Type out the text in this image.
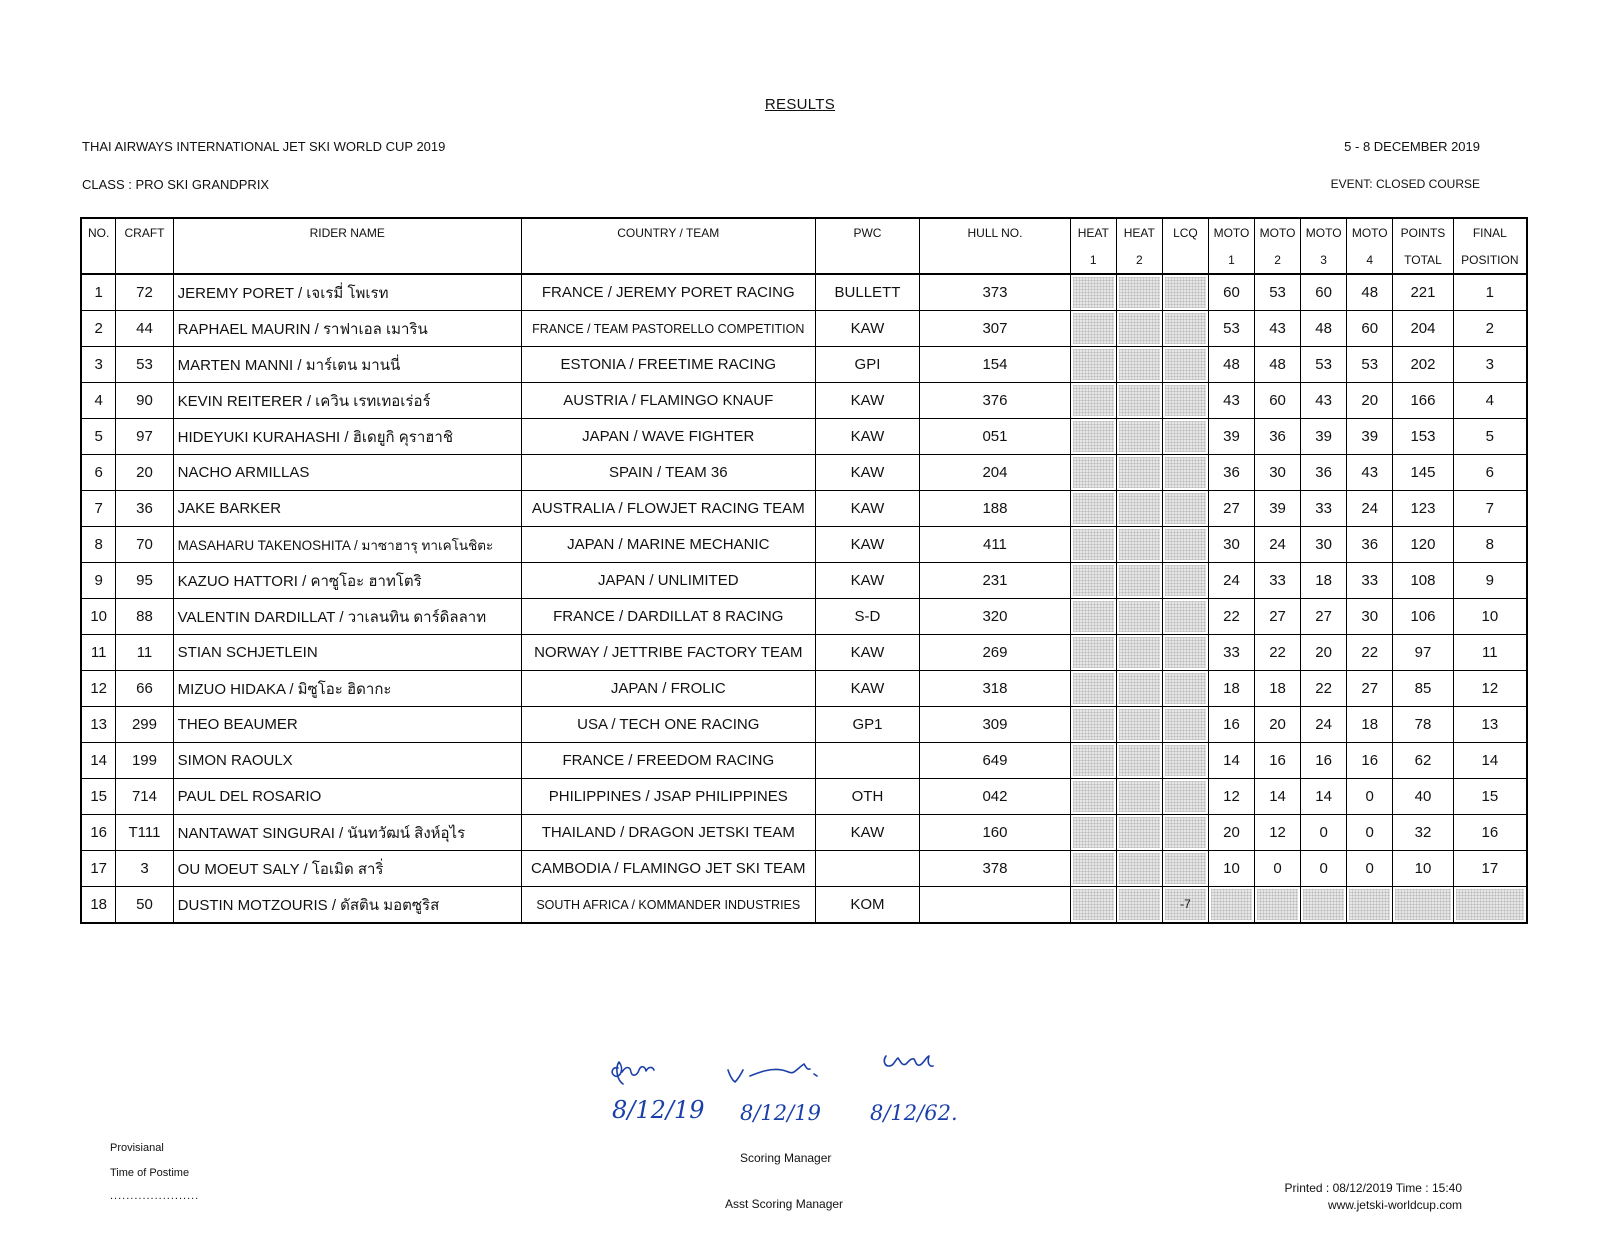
RESULTS
THAI AIRWAYS INTERNATIONAL JET SKI WORLD CUP 2019	5 - 8 DECEMBER 2019
CLASS : PRO SKI GRANDPRIX	EVENT: CLOSED COURSE
NO.	CRAFT	RIDER NAME	COUNTRY / TEAM	PWC	HULL NO.	HEAT	HEAT	LCQ	MOTO	MOTO	MOTO	MOTO	POINTS	FINAL
						1	2		1	2	3	4	TOTAL	POSITION
1	72	JEREMY PORET / เจเรมี่ โพเรท	FRANCE / JEREMY PORET RACING	BULLETT	373				60	53	60	48	221	1
2	44	RAPHAEL MAURIN / ราฟาเอล เมาริน	FRANCE / TEAM PASTORELLO COMPETITION	KAW	307				53	43	48	60	204	2
3	53	MARTEN MANNI / มาร์เตน มานนี่	ESTONIA / FREETIME RACING	GPI	154				48	48	53	53	202	3
4	90	KEVIN REITERER / เควิน เรทเทอเร่อร์	AUSTRIA / FLAMINGO KNAUF	KAW	376				43	60	43	20	166	4
5	97	HIDEYUKI KURAHASHI / ฮิเดยูกิ คุราฮาชิ	JAPAN / WAVE FIGHTER	KAW	051				39	36	39	39	153	5
6	20	NACHO ARMILLAS	SPAIN / TEAM 36	KAW	204				36	30	36	43	145	6
7	36	JAKE BARKER	AUSTRALIA / FLOWJET RACING TEAM	KAW	188				27	39	33	24	123	7
8	70	MASAHARU TAKENOSHITA / มาซาฮารุ ทาเคโนชิตะ	JAPAN / MARINE MECHANIC	KAW	411				30	24	30	36	120	8
9	95	KAZUO HATTORI / คาซูโอะ ฮาทโตริ	JAPAN / UNLIMITED	KAW	231				24	33	18	33	108	9
10	88	VALENTIN DARDILLAT / วาเลนทิน ดาร์ดิลลาท	FRANCE / DARDILLAT 8 RACING	S-D	320				22	27	27	30	106	10
11	11	STIAN SCHJETLEIN	NORWAY / JETTRIBE FACTORY TEAM	KAW	269				33	22	20	22	97	11
12	66	MIZUO HIDAKA / มิซูโอะ ฮิดากะ	JAPAN / FROLIC	KAW	318				18	18	22	27	85	12
13	299	THEO BEAUMER	USA / TECH ONE RACING	GP1	309				16	20	24	18	78	13
14	199	SIMON RAOULX	FRANCE / FREEDOM RACING		649				14	16	16	16	62	14
15	714	PAUL DEL ROSARIO	PHILIPPINES / JSAP PHILIPPINES	OTH	042				12	14	14	0	40	15
16	T111	NANTAWAT SINGURAI / นันทวัฒน์ สิงห์อุไร	THAILAND / DRAGON JETSKI TEAM	KAW	160				20	12	0	0	32	16
17	3	OU MOEUT SALY / โอเมิด สาริ่	CAMBODIA / FLAMINGO JET SKI TEAM		378				10	0	0	0	10	17
18	50	DUSTIN MOTZOURIS / ดัสติน มอตซูริส	SOUTH AFRICA / KOMMANDER INDUSTRIES	KOM				-7						

8/12/19 8/12/19 8/12/62.
Provisianal
Time of Postime
......................
Scoring Manager
Asst Scoring Manager
Printed : 08/12/2019 Time : 15:40
www.jetski-worldcup.com
